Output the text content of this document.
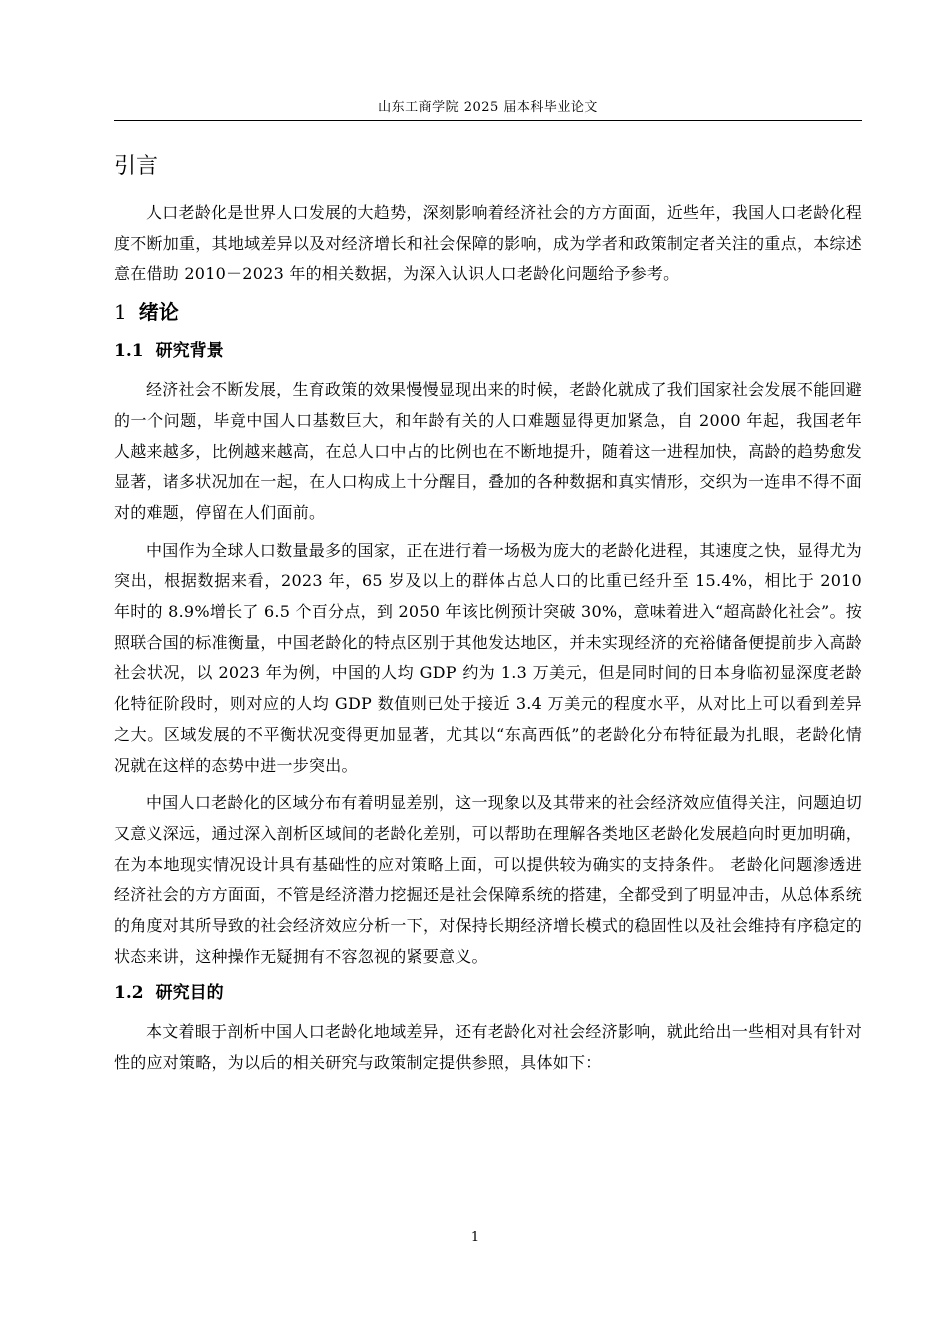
山东工商学院 2025 届本科毕业论文
引言

人口老龄化是世界人口发展的大趋势，深刻影响着经济社会的方方面面，近些年，我国人口老龄化程度不断加重，其地域差异以及对经济增长和社会保障的影响，成为学者和政策制定者关注的重点，本综述意在借助 2010－2023 年的相关数据，为深入认识人口老龄化问题给予参考。

1 绪论
1.1 研究背景

经济社会不断发展，生育政策的效果慢慢显现出来的时候，老龄化就成了我们国家社会发展不能回避的一个问题，毕竟中国人口基数巨大，和年龄有关的人口难题显得更加紧急，自 2000 年起，我国老年人越来越多，比例越来越高，在总人口中占的比例也在不断地提升，随着这一进程加快，高龄的趋势愈发显著，诸多状况加在一起，在人口构成上十分醒目，叠加的各种数据和真实情形，交织为一连串不得不面对的难题，停留在人们面前。

中国作为全球人口数量最多的国家，正在进行着一场极为庞大的老龄化进程，其速度之快，显得尤为突出，根据数据来看，2023 年，65 岁及以上的群体占总人口的比重已经升至 15.4%，相比于 2010 年时的 8.9%增长了 6.5 个百分点，到 2050 年该比例预计突破 30%，意味着进入“超高龄化社会”。按照联合国的标准衡量，中国老龄化的特点区别于其他发达地区，并未实现经济的充裕储备便提前步入高龄社会状况，以 2023 年为例，中国的人均 GDP 约为 1.3 万美元，但是同时间的日本身临初显深度老龄化特征阶段时，则对应的人均 GDP 数值则已处于接近 3.4 万美元的程度水平，从对比上可以看到差异之大。区域发展的不平衡状况变得更加显著，尤其以“东高西低”的老龄化分布特征最为扎眼，老龄化情况就在这样的态势中进一步突出。

中国人口老龄化的区域分布有着明显差别，这一现象以及其带来的社会经济效应值得关注，问题迫切又意义深远，通过深入剖析区域间的老龄化差别，可以帮助在理解各类地区老龄化发展趋向时更加明确，在为本地现实情况设计具有基础性的应对策略上面，可以提供较为确实的支持条件。 老龄化问题渗透进经济社会的方方面面，不管是经济潜力挖掘还是社会保障系统的搭建，全都受到了明显冲击，从总体系统的角度对其所导致的社会经济效应分析一下，对保持长期经济增长模式的稳固性以及社会维持有序稳定的状态来讲，这种操作无疑拥有不容忽视的紧要意义。

1.2 研究目的

本文着眼于剖析中国人口老龄化地域差异，还有老龄化对社会经济影响，就此给出一些相对具有针对性的应对策略，为以后的相关研究与政策制定提供参照，具体如下：

1
